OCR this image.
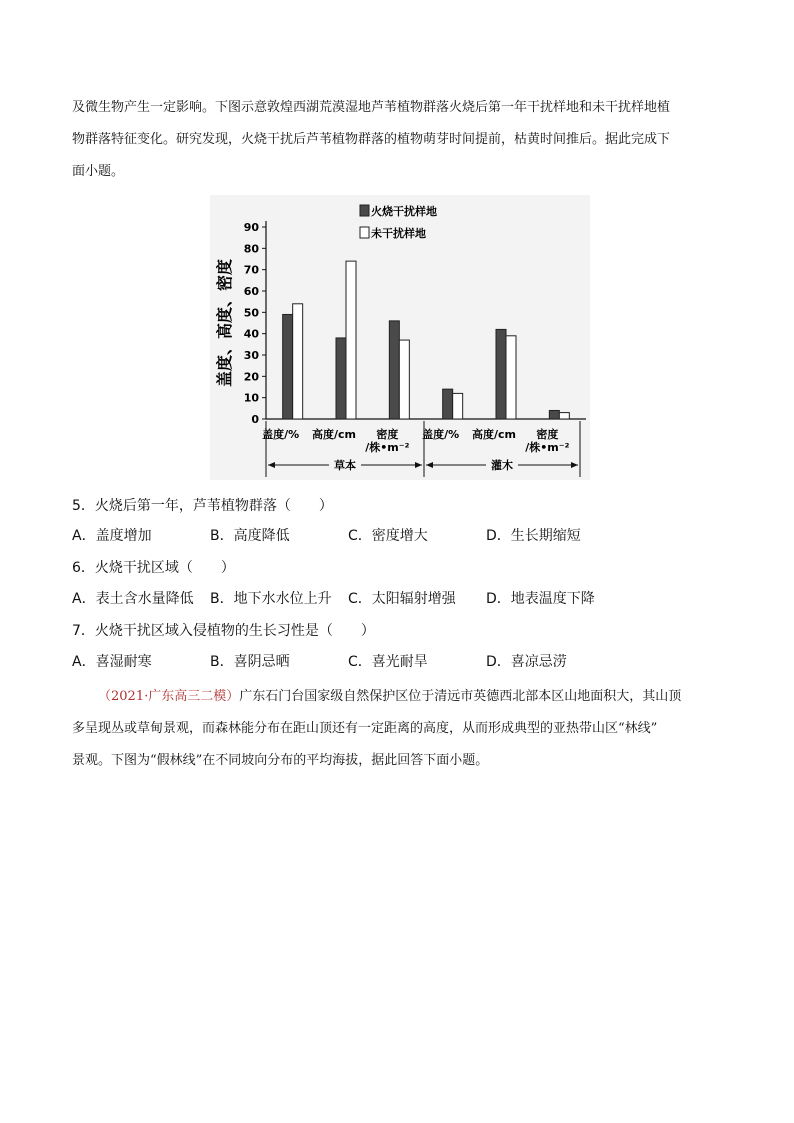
及微生物产生一定影响。下图示意敦煌西湖荒漠湿地芦苇植物群落火烧后第一年干扰样地和未干扰样地植
物群落特征变化。研究发现，火烧干扰后芦苇植物群落的植物萌芽时间提前，枯黄时间推后。据此完成下
面小题。
0
10
20
30
40
50
60
70
80
90
盖度、高度、密度
盖度/% 高度/cm 密度
/株•m⁻²
盖度/% 高度/cm 密度
/株•m⁻²
草本	灌木
火烧干扰样地
未干扰样地

5．火烧后第一年，芦苇植物群落（　　）

A．盖度增加	B．高度降低	C．密度增大	D．生长期缩短

6．火烧干扰区域（　　）

A．表土含水量降低 B．地下水水位上升 C．太阳辐射增强 D．地表温度下降

7．火烧干扰区域入侵植物的生长习性是（　　）

A．喜湿耐寒	B．喜阴忌晒	C．喜光耐旱	D．喜凉忌涝
（2021·广东高三二模）广东石门台国家级自然保护区位于清远市英德西北部本区山地面积大，其山顶
多呈现丛或草甸景观，而森林能分布在距山顶还有一定距离的高度，从而形成典型的亚热带山区“林线”
景观。下图为“假林线”在不同坡向分布的平均海拔，据此回答下面小题。
